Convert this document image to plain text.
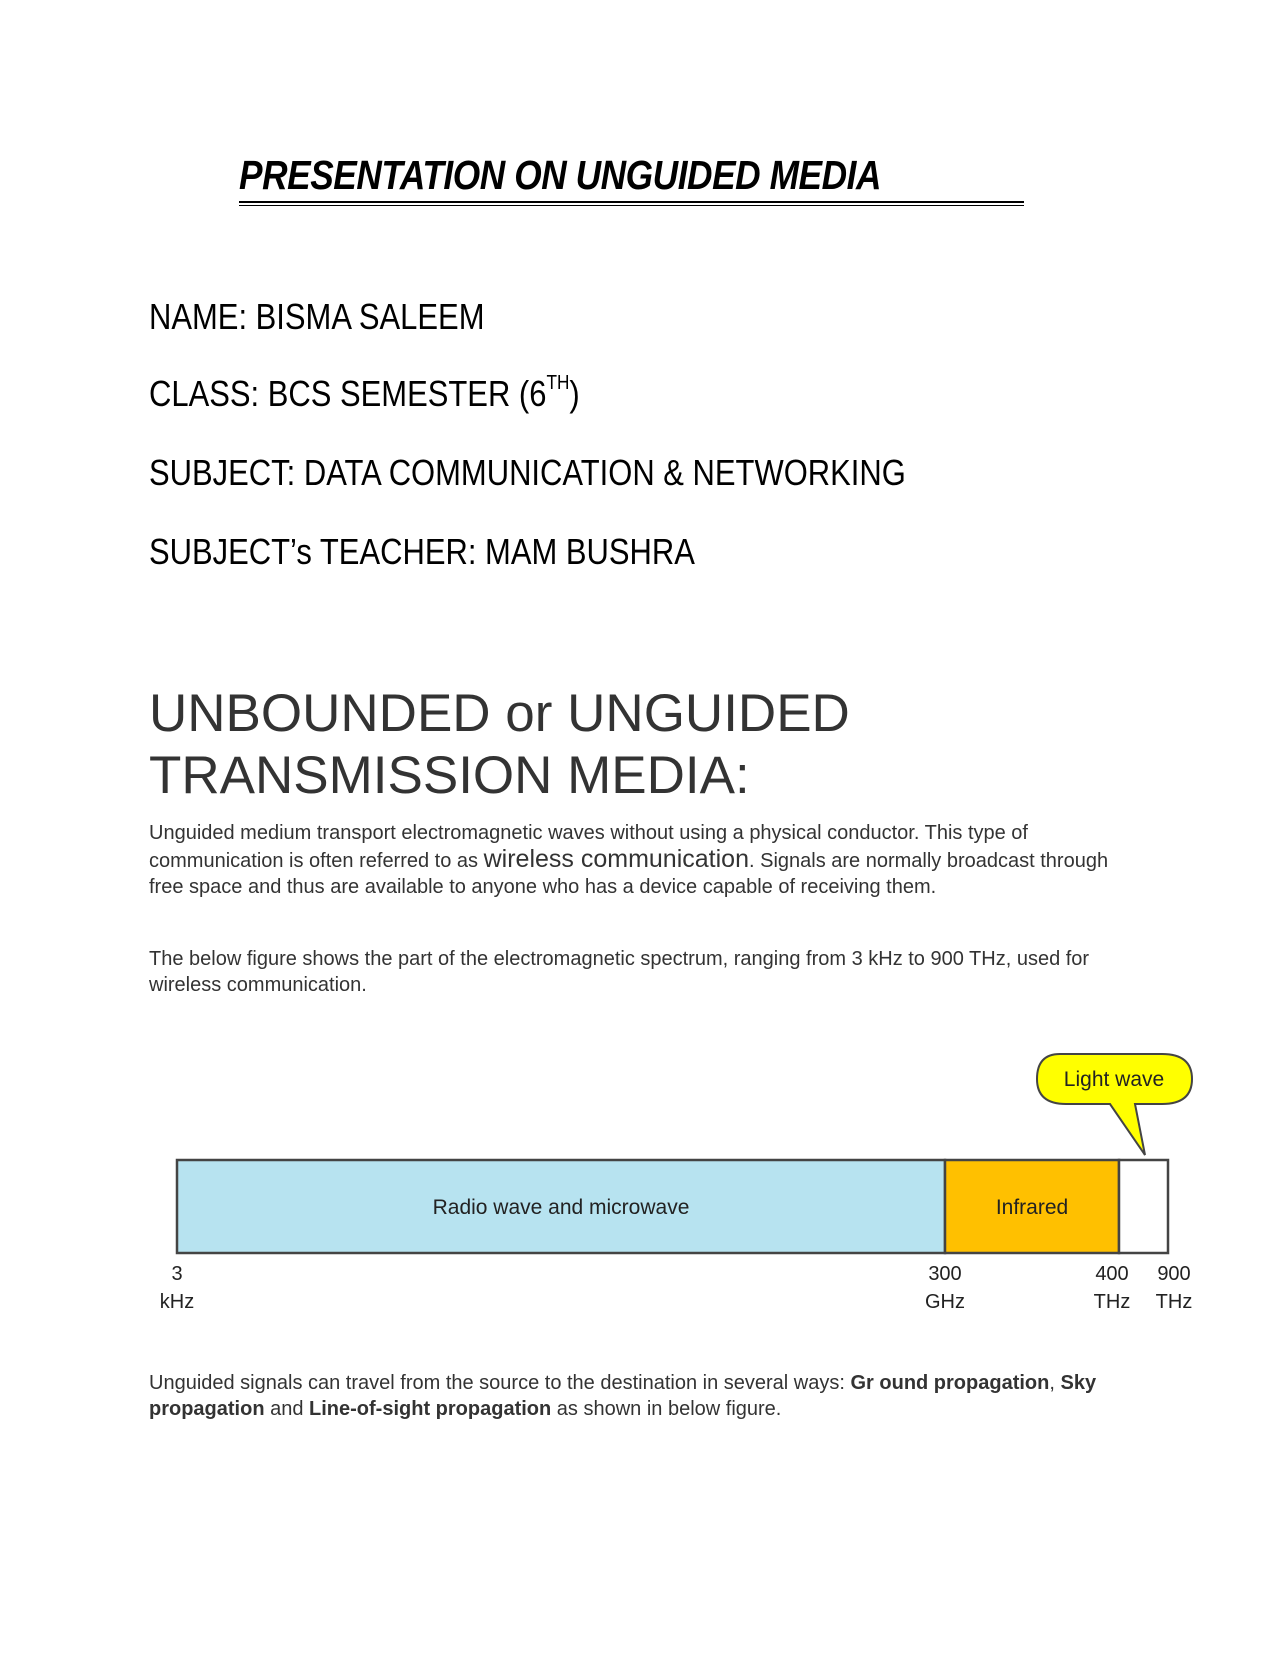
PRESENTATION ON UNGUIDED MEDIA
NAME: BISMA SALEEM
CLASS: BCS SEMESTER (6TH)
SUBJECT: DATA COMMUNICATION & NETWORKING
SUBJECT’s TEACHER: MAM BUSHRA
UNBOUNDED or UNGUIDED
TRANSMISSION MEDIA:
Unguided medium transport electromagnetic waves without using a physical conductor. This type of communication is often referred to as wireless communication. Signals are normally broadcast through free space and thus are available to anyone who has a device capable of receiving them.
The below figure shows the part of the electromagnetic spectrum, ranging from 3 kHz to 900 THz, used for wireless communication.
Radio wave and microwave	Infrared
Light wave
3
kHz
300
GHz
400
THz
900
THz
Unguided signals can travel from the source to the destination in several ways: Gr ound propagation, Sky propagation and Line-of-sight propagation as shown in below figure.
